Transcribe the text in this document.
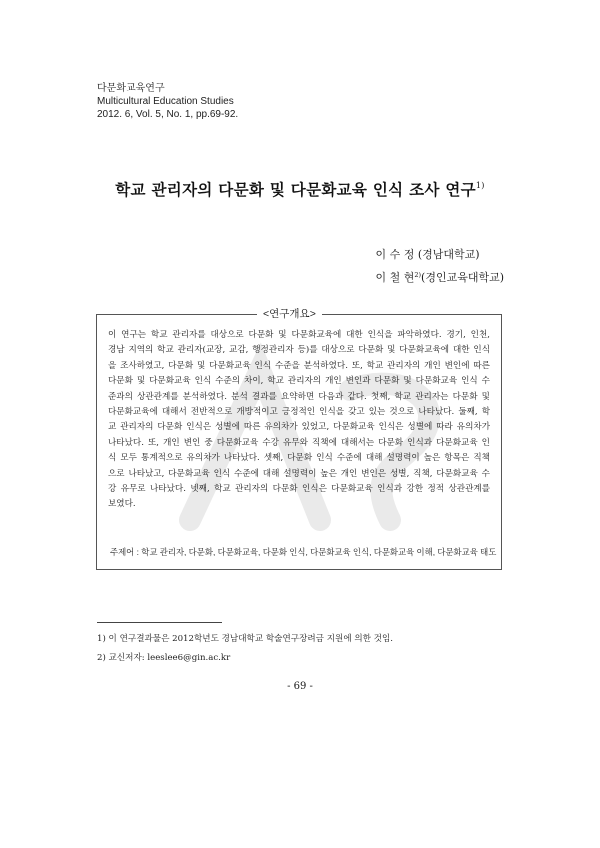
다문화교육연구
Multicultural Education Studies
2012. 6, Vol. 5, No. 1, pp.69-92.
학교 관리자의 다문화 및 다문화교육 인식 조사 연구$^{1)}$
이 수 정 (경남대학교)
이 철 현$^{2)}$(경인교육대학교)
<연구개요>
이 연구는 학교 관리자를 대상으로 다문화 및 다문화교육에 대한 인식을 파악하였다. 경기, 인천,
경남 지역의 학교 관리자(교장, 교감, 행정관리자 등)를 대상으로 다문화 및 다문화교육에 대한 인식
을 조사하였고, 다문화 및 다문화교육 인식 수준을 분석하였다. 또, 학교 관리자의 개인 변인에 따른
다문화 및 다문화교육 인식 수준의 차이, 학교 관리자의 개인 변인과 다문화 및 다문화교육 인식 수
준과의 상관관계를 분석하였다. 분석 결과를 요약하면 다음과 같다. 첫째, 학교 관리자는 다문화 및
다문화교육에 대해서 전반적으로 개방적이고 긍정적인 인식을 갖고 있는 것으로 나타났다. 둘째, 학
교 관리자의 다문화 인식은 성별에 따른 유의차가 있었고, 다문화교육 인식은 성별에 따라 유의차가
나타났다. 또, 개인 변인 중 다문화교육 수강 유무와 직책에 대해서는 다문화 인식과 다문화교육 인
식 모두 통계적으로 유의차가 나타났다. 셋째, 다문화 인식 수준에 대해 설명력이 높은 항목은 직책
으로 나타났고, 다문화교육 인식 수준에 대해 설명력이 높은 개인 변인은 성별, 직책, 다문화교육 수
강 유무로 나타났다. 넷째, 학교 관리자의 다문화 인식은 다문화교육 인식과 강한 정적 상관관계를
보였다.
주제어 : 학교 관리자, 다문화, 다문화교육, 다문화 인식, 다문화교육 인식, 다문화교육 이해, 다문화교육 태도
1) 이 연구결과물은 2012학년도 경남대학교 학술연구장려금 지원에 의한 것임.
2) 교신저자: leeslee6@gin.ac.kr
- 69 -
